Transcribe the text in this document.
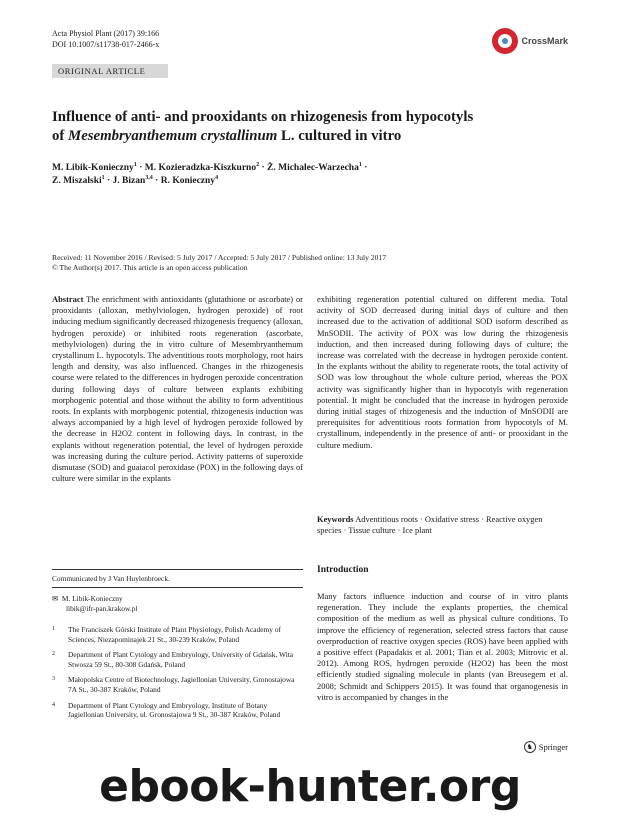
Acta Physiol Plant (2017) 39:166
DOI 10.1007/s11738-017-2466-x	CrossMark
ORIGINAL ARTICLE
Influence of anti- and prooxidants on rhizogenesis from hypocotyls
of Mesembryanthemum crystallinum L. cultured in vitro
M. Libik-Konieczny$^1$ · M. Kozieradzka-Kiszkurno$^2$ · Ż. Michalec-Warzecha$^1$ ·
Z. Miszalski$^1$ · J. Bizan$^{3,4}$ · R. Konieczny$^4$
Received: 11 November 2016 / Revised: 5 July 2017 / Accepted: 5 July 2017 / Published online: 13 July 2017
© The Author(s) 2017. This article is an open access publication
Abstract The enrichment with antioxidants (glutathione or ascorbate) or prooxidants (alloxan, methylviologen, hydrogen peroxide) of root inducing medium significantly decreased rhizogenesis frequency (alloxan, hydrogen peroxide) or inhibited roots regeneration (ascorbate, methylviologen) during the in vitro culture of Mesembryanthemum crystallinum L. hypocotyls. The adventitious roots morphology, root hairs length and density, was also influenced. Changes in the rhizogenesis course were related to the differences in hydrogen peroxide concentration during following days of culture between explants exhibiting morphogenic potential and those without the ability to form adventitious roots. In explants with morphogenic potential, rhizogenesis induction was always accompanied by a high level of hydrogen peroxide followed by the decrease in H2O2 content in following days. In contrast, in the explants without regeneration potential, the level of hydrogen peroxide was increasing during the culture period. Activity patterns of superoxide dismutase (SOD) and guaiacol peroxidase (POX) in the following days of culture were similar in the explants
exhibiting regeneration potential cultured on different media. Total activity of SOD decreased during initial days of culture and then increased due to the activation of additional SOD isoform described as MnSODII. The activity of POX was low during the rhizogenesis induction, and then increased during following days of culture; the increase was correlated with the decrease in hydrogen peroxide content. In the explants without the ability to regenerate roots, the total activity of SOD was low throughout the whole culture period, whereas the POX activity was significantly higher than in hypocotyls with regeneration potential. It might be concluded that the increase in hydrogen peroxide during initial stages of rhizogenesis and the induction of MnSODII are prerequisites for adventitious roots formation from hypocotyls of M. crystallinum, independently in the presence of anti- or prooxidant in the culture medium.
Keywords Adventitious roots · Oxidative stress · Reactive oxygen species · Tissue culture · Ice plant
Communicated by J Van Huylenbroeck.
✉  M. Libik-Konieczny
libik@ifr-pan.krakow.pl
1	The Franciszek Górski Institute of Plant Physiology, Polish Academy of Sciences, Niezapominajek 21 St., 30-239 Kraków, Poland
2	Department of Plant Cytology and Embryology, University of Gdańsk, Wita Stwosza 59 St., 80-308 Gdańsk, Poland
3	Małopolska Centre of Biotechnology, Jagiellonian University, Gronostajowa 7A St., 30-387 Kraków, Poland
4	Department of Plant Cytology and Embryology, Institute of Botany Jagiellonian University, ul. Gronostajowa 9 St., 30-387 Kraków, Poland
Introduction
Many factors influence induction and course of in vitro plants regeneration. They include the explants properties, the chemical composition of the medium as well as physical culture conditions. To improve the efficiency of regeneration, selected stress factors that cause overproduction of reactive oxygen species (ROS) have been applied with a positive effect (Papadakis et al. 2001; Tian et al. 2003; Mitrovic et al. 2012). Among ROS, hydrogen peroxide (H2O2) has been the most efficiently studied signaling molecule in plants (van Breusegem et al. 2008; Schmidt and Schippers 2015). It was found that organogenesis in vitro is accompanied by changes in the
♞ Springer
ebook-hunter.org
